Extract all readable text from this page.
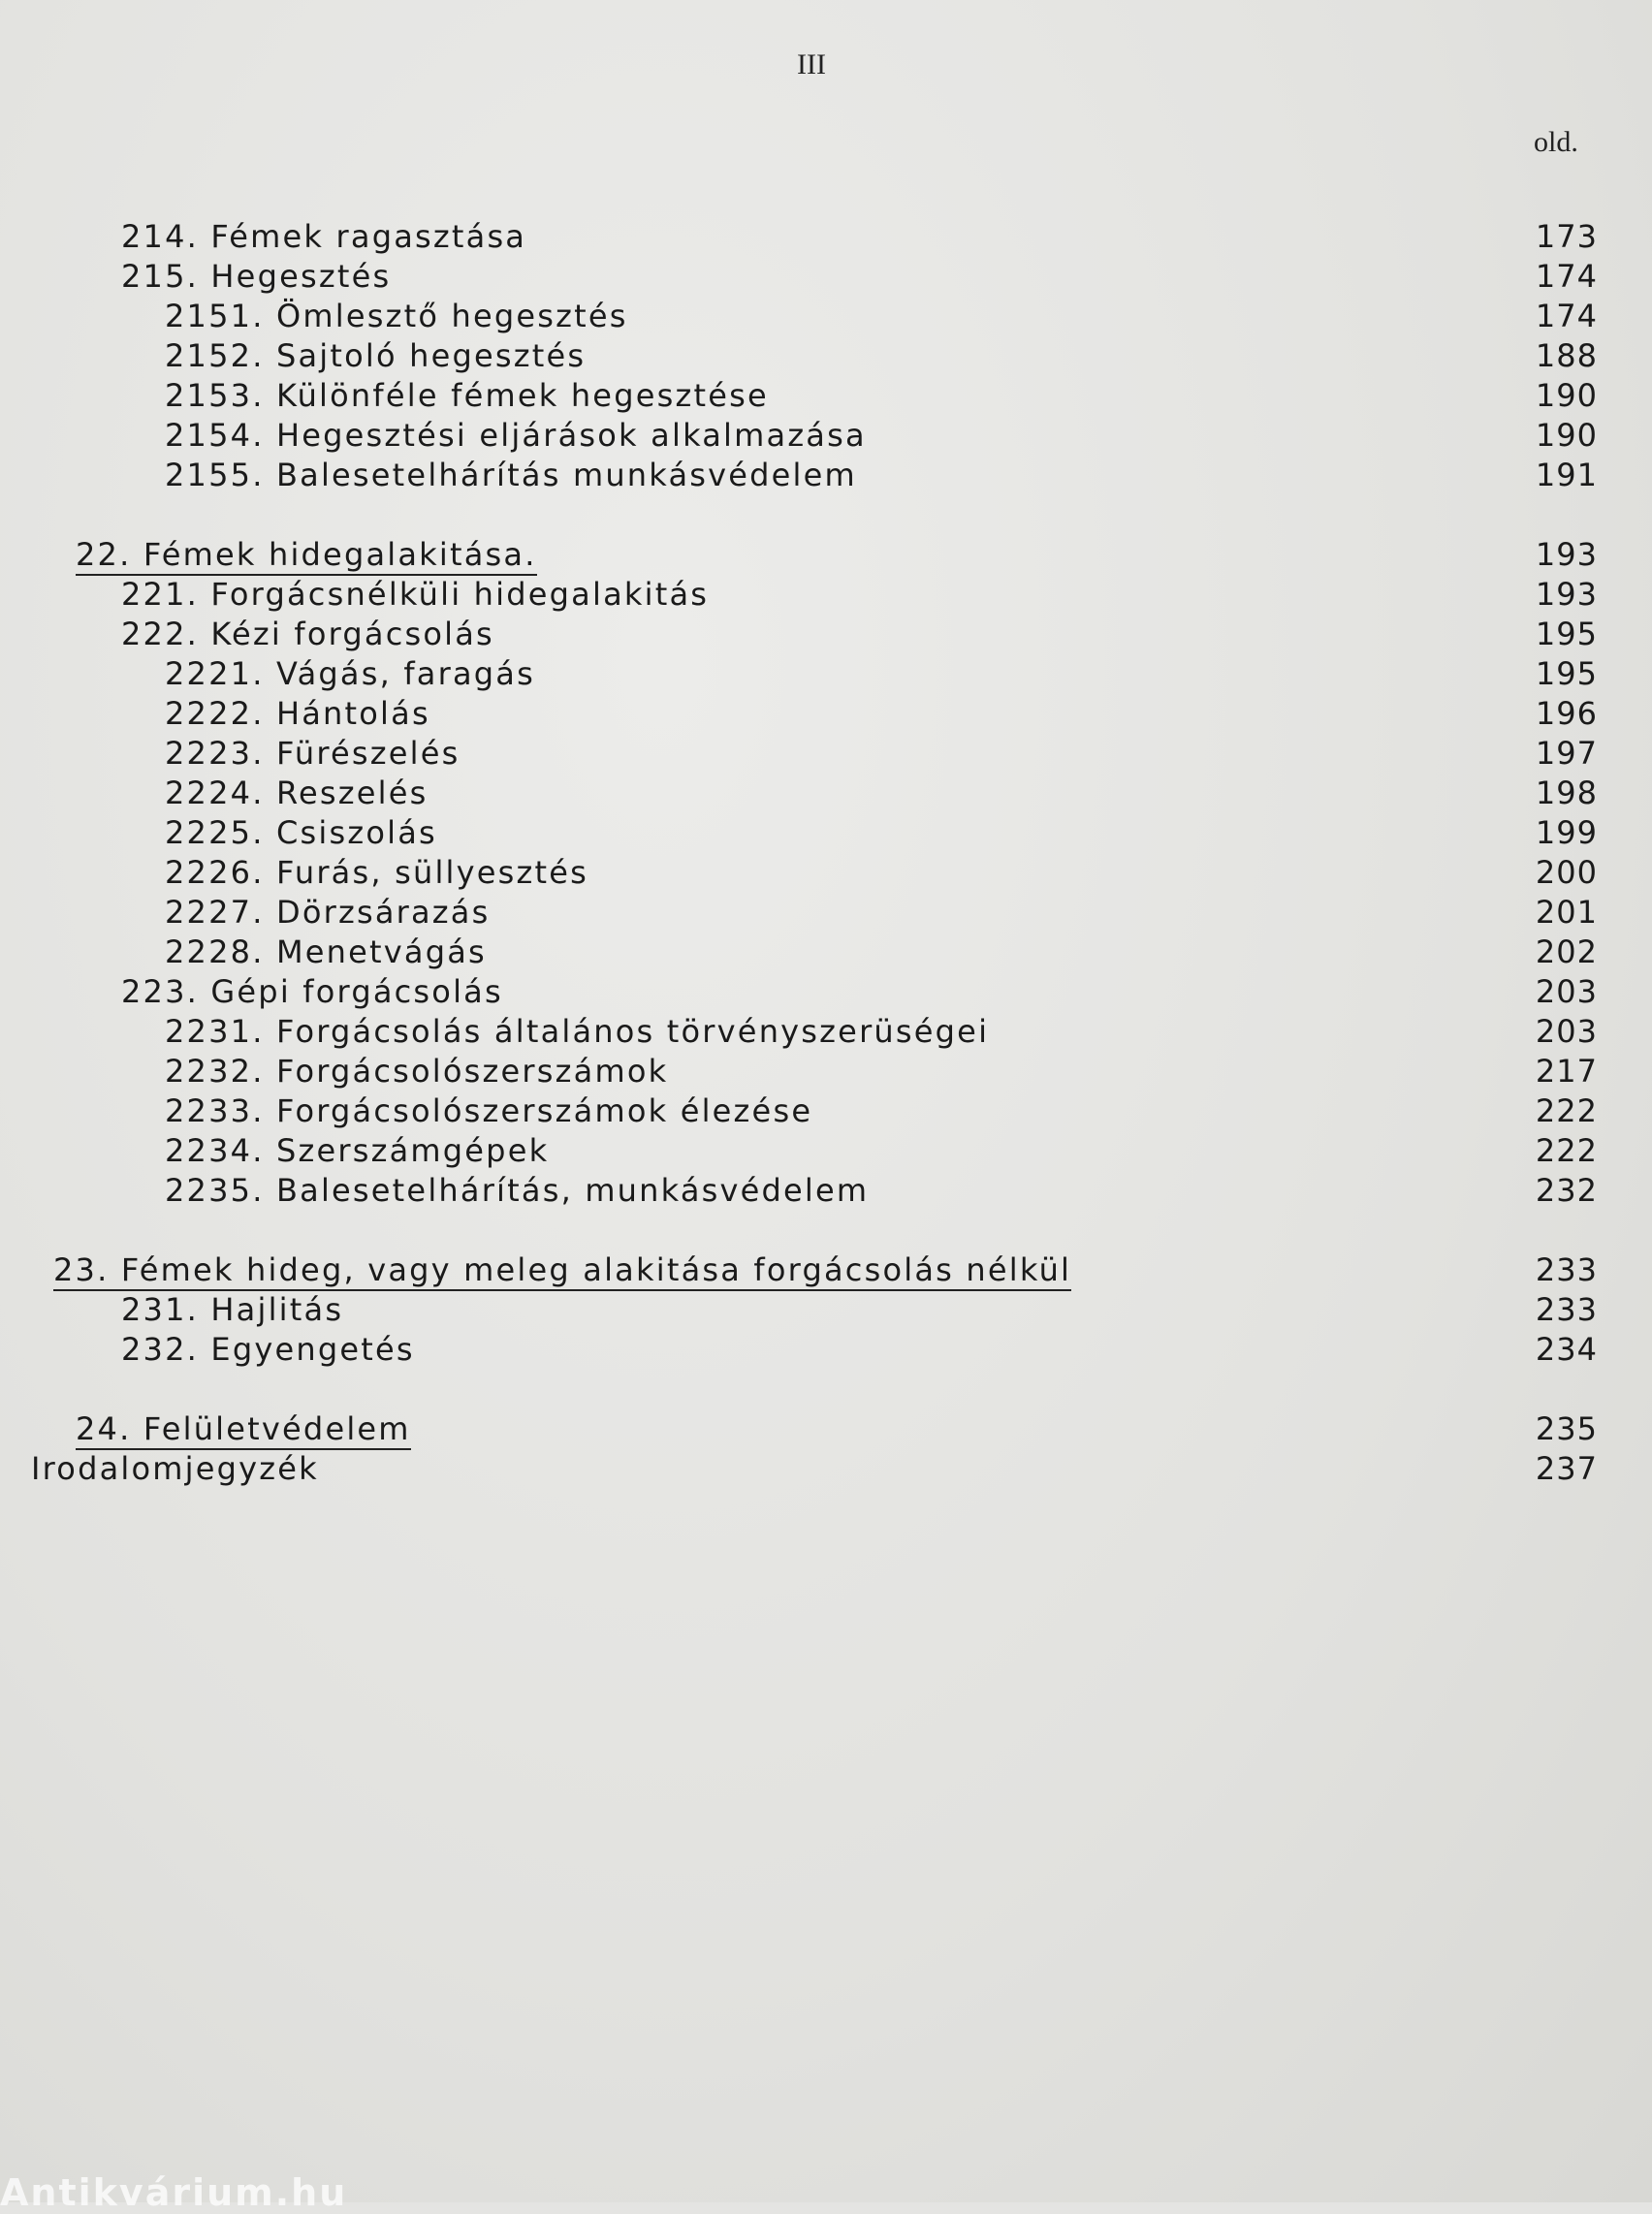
III
old.
214. Fémek ragasztása	173
215. Hegesztés	174
2151. Ömlesztő hegesztés	174
2152. Sajtoló hegesztés	188
2153. Különféle fémek hegesztése	190
2154. Hegesztési eljárások alkalmazása	190
2155. Balesetelhárítás munkásvédelem	191
22. Fémek hidegalakitása.	193
221. Forgácsnélküli hidegalakitás	193
222. Kézi forgácsolás	195
2221. Vágás, faragás	195
2222. Hántolás	196
2223. Fürészelés	197
2224. Reszelés	198
2225. Csiszolás	199
2226. Furás, süllyesztés	200
2227. Dörzsárazás	201
2228. Menetvágás	202
223. Gépi forgácsolás	203
2231. Forgácsolás általános törvényszerüségei	203
2232. Forgácsolószerszámok	217
2233. Forgácsolószerszámok élezése	222
2234. Szerszámgépek	222
2235. Balesetelhárítás, munkásvédelem	232
23. Fémek hideg, vagy meleg alakitása forgácsolás nélkül	233
231. Hajlitás	233
232. Egyengetés	234
24. Felületvédelem	235
Irodalomjegyzék	237
Antikvárium.hu
